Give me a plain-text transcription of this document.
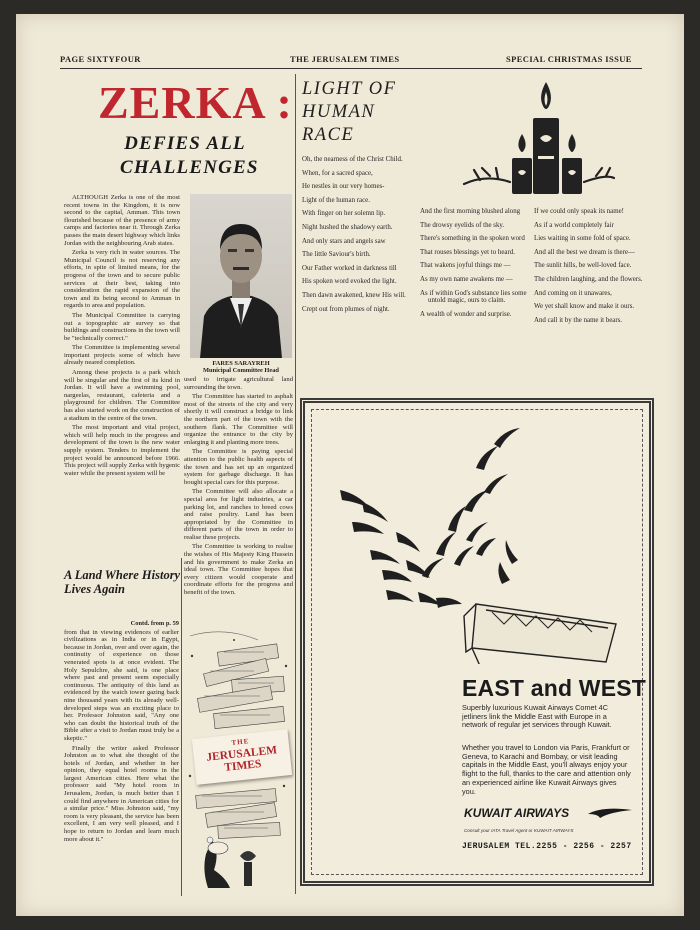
PAGE SIXTYFOUR	THE JERUSALEM TIMES	SPECIAL CHRISTMAS ISSUE
ZERKA :
DEFIES ALL
CHALLENGES

ALTHOUGH Zerka is one of the most recent towns in the Kingdom, it is now second to the capital, Amman. This town flourished because of the presence of army camps and factories near it. Through Zerka passes the main desert highway which links Jordan with the neighbouring Arab states.

Zerka is very rich in water sources. The Municipal Council is not reserving any efforts, in spite of limited means, for the progress of the town and to secure public services at their best, taking into consideration the rapid expansion of the town and its being second to Amman in regards to area and population.

The Municipal Committee is carrying out a topographic air survey so that buildings and constructions in the town will be "technically correct."

The Committee is implementing several important projects some of which have already neared completion.

Among these projects is a park which will be singular and the first of its kind in Jordan. It will have a swimming pool, nargeelas, restaurant, cafeteria and a playground for children. The Committee has also started work on the construction of a stadium in the centre of the town.

The most important and vital project, which will help much in the progress and development of the town is the new water supply system. Tenders to implement the project would be announced before 1966. This project will supply Zerka with hygenic water while the present system will be

FARES SARAYREH
Municipal Committee Head

used to irrigate agricultural land surrounding the town.

The Committee has started to asphalt most of the streets of the city and very shortly it will construct a bridge to link the northern part of the town with the southern flank. The Committee will organize the entrance to the city by enlarging it and planting more trees.

The Committee is paying special attention to the public health aspects of the town and has set up an organized system for garbage discharge. It has bought special cars for this purpose.

The Committee will also allocate a special area for light industries, a car parking lot, and ranches to breed cows and raise poultry. Land has been appropriated by the Committee in different parts of the town in order to realise these projects.

The Committee is working to realise the wishes of His Majesty King Hussein and his government to make Zerka an ideal town. The Committee hopes that every citizen would cooperate and coordinate efforts for the progress and benefit of the town.

A Land Where History Lives Again
Contd. from p. 59

from that in viewing evidences of earlier civilizations as in India or in Egypt, because in Jordan, over and over again, the continuity of experience on those venerated spots is at once evident. The Holy Sepulchre, she said, is one place where past and present seem especially continuous. The antiquity of this land as evidenced by the watch tower gazing back nine thousand years with its already well-developed steps was an exciting place to her. Professor Johnston said, "Any one who can doubt the historical truth of the Bible after a visit to Jordan must truly be a skeptic."

Finally the writer asked Professor Johnston as to what she thought of the hotels of Jordan, and whether in her opinion, they equal hotel rooms in the largest American cities. Here what the professor said "My hotel room in Jerusalem, Jordan, is much better than I could find anywhere in American cities for a similar price." Miss Johnston said, "my room is very pleasant, the service has been excellent, I am very well pleased, and I hope to return to Jordan and learn much more about it."

THE
JERUSALEM TIMES
LIGHT OF
HUMAN
RACE
Oh, the nearness of the Christ Child.
When, for a sacred space,
He nestles in our very homes-
Light of the human race.
With finger on her solemn lip.
Night hushed the shadowy earth.
And only stars and angels saw
The little Saviour's birth.
Our Father worked in darkness till
His spoken word evoked the light.
Then dawn awakened, knew His will.
Crept out from plumes of night.
And the first morning blushed along
The drowsy eyelids of the sky.
There's something in the spoken word
That rouses blessings yet to heard.
That wakens joyful things me —
As my own name awakens me —
As if within God's substance lies some untold magic, ours to claim.
A wealth of wonder and surprise.
If we could only speak its name!
As if a world completely fair
Lies waiting in some fold of space.
And all the best we dream is there—
The sunlit hills, be well-loved face.
The children laughing, and the flowers.
And coming on it unawares,
We yet shall know and make it ours.
And call it by the name it bears.
EAST and WEST
Superbly luxurious Kuwait Airways Comet 4C jetliners link the Middle East with Europe in a network of regular jet services through Kuwait.
Whether you travel to London via Paris, Frankfurt or Geneva, to Karachi and Bombay, or visit leading capitals in the Middle East, you'll always enjoy your flight to the full, thanks to the care and attention only an experienced airline like Kuwait Airways gives you.
KUWAIT AIRWAYS
Consult your IATA Travel Agent or KUWAIT AIRWAYS
JERUSALEM TEL.2255 - 2256 - 2257
